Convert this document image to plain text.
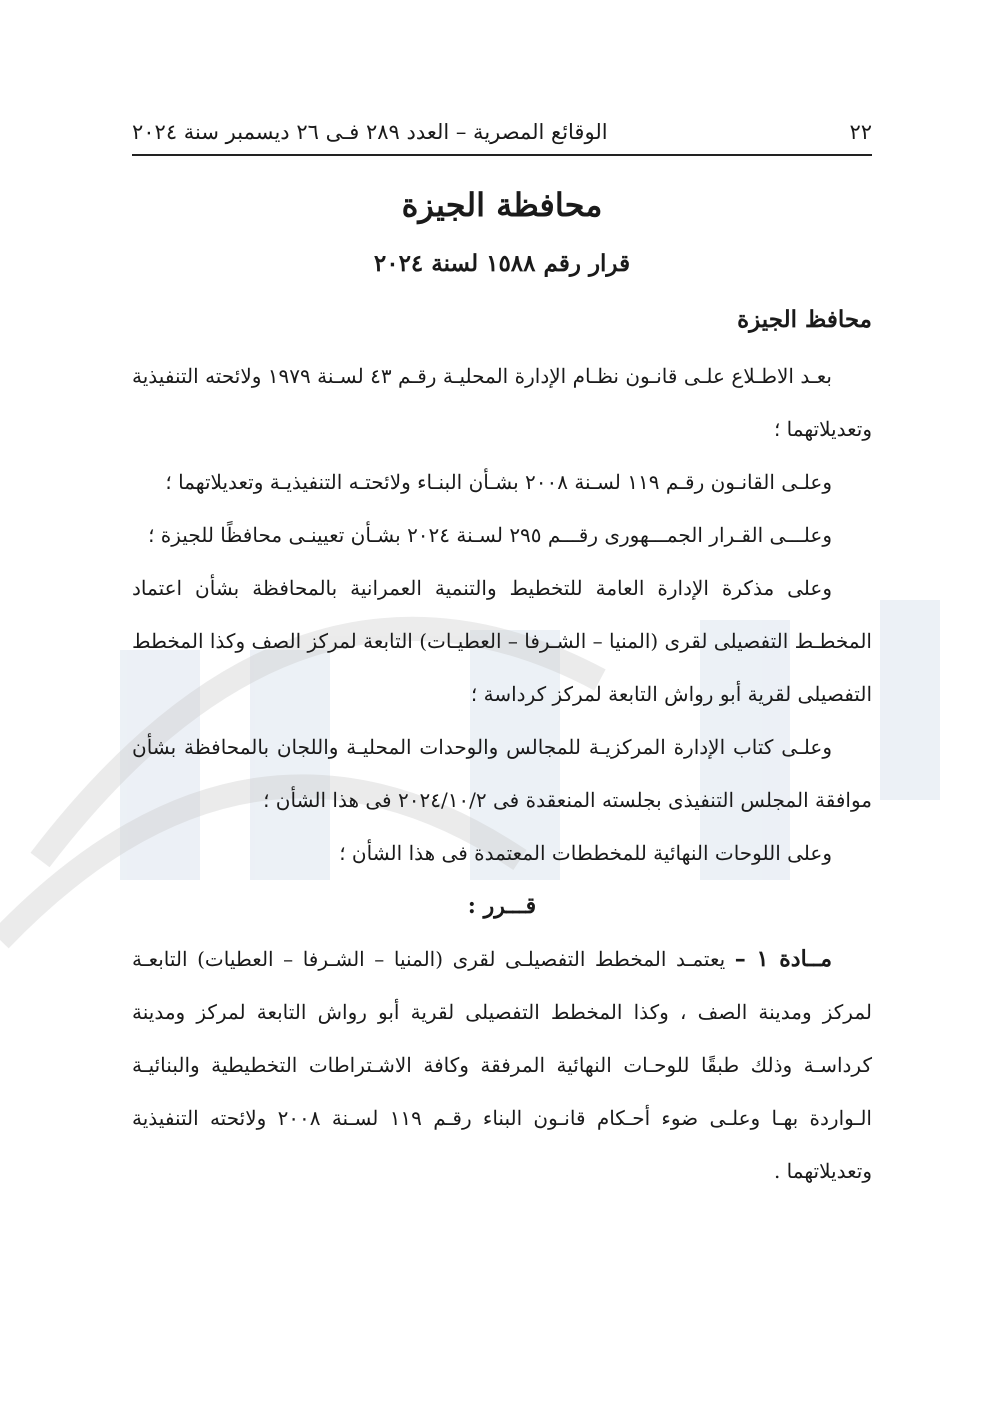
٢٢
الوقائع المصرية – العدد ٢٨٩ فـى ٢٦ ديسمبر سنة ٢٠٢٤
محافظة الجيزة
قرار رقم ١٥٨٨ لسنة ٢٠٢٤
محافظ الجيزة

بعـد الاطـلاع علـى قانـون نظـام الإدارة المحليـة رقـم ٤٣ لسـنة ١٩٧٩ ولائحته التنفيذية وتعديلاتهما ؛

وعلـى القانـون رقـم ١١٩ لسـنة ٢٠٠٨ بشـأن البنـاء ولائحتـه التنفيذيـة وتعديلاتهما ؛

وعلـــى القـرار الجمـــهورى رقـــم ٢٩٥ لسـنة ٢٠٢٤ بشـأن تعيينـى محافظًا للجيزة ؛

وعلى مذكرة الإدارة العامة للتخطيط والتنمية العمرانية بالمحافظة بشأن اعتماد المخطـط التفصيلى لقرى (المنيا – الشـرفا – العطيـات) التابعة لمركز الصف وكذا المخطط التفصيلى لقرية أبو رواش التابعة لمركز كرداسة ؛

وعلـى كتاب الإدارة المركزيـة للمجالس والوحدات المحليـة واللجان بالمحافظة بشأن موافقة المجلس التنفيذى بجلسته المنعقدة فى ٢٠٢٤/١٠/٢ فى هذا الشأن ؛

وعلى اللوحات النهائية للمخططات المعتمدة فى هذا الشأن ؛

قـــرر :

مــادة ١ – يعتمـد المخطط التفصيلـى لقرى (المنيا – الشـرفا – العطيات) التابعـة لمركز ومدينة الصف ، وكذا المخطط التفصيلى لقرية أبو رواش التابعة لمركز ومدينة كرداسـة وذلك طبقًا للوحـات النهائية المرفقة وكافة الاشـتراطات التخطيطية والبنائيـة الـواردة بهـا وعلـى ضوء أحـكام قانـون البناء رقـم ١١٩ لسـنة ٢٠٠٨ ولائحته التنفيذية وتعديلاتهما .
